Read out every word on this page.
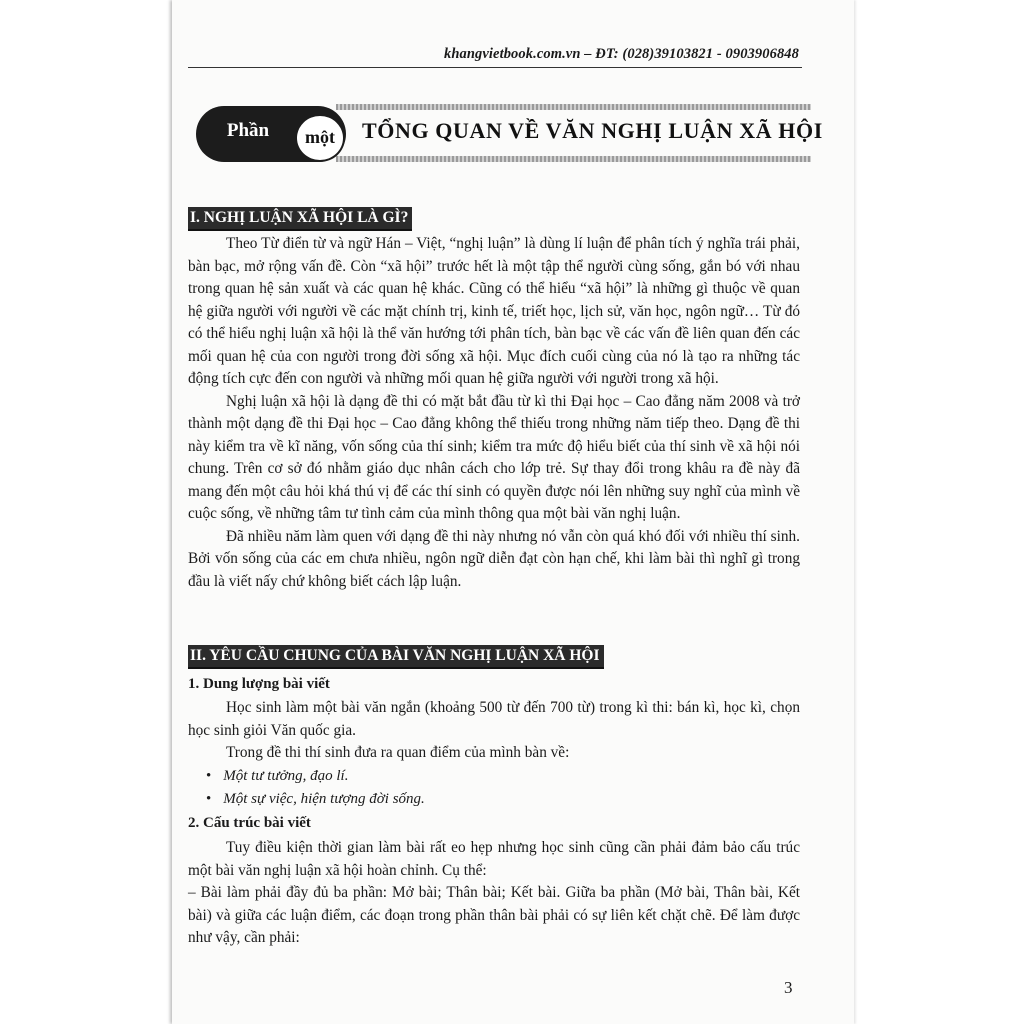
khangvietbook.com.vn – ĐT: (028)39103821 - 0903906848
Phần	một	TỔNG QUAN VỀ VĂN NGHỊ LUẬN XÃ HỘI
I. NGHỊ LUẬN XÃ HỘI LÀ GÌ?

Theo Từ điển từ và ngữ Hán – Việt, “nghị luận” là dùng lí luận để phân tích ý nghĩa trái phải, bàn bạc, mở rộng vấn đề. Còn “xã hội” trước hết là một tập thể người cùng sống, gắn bó với nhau trong quan hệ sản xuất và các quan hệ khác. Cũng có thể hiểu “xã hội” là những gì thuộc về quan hệ giữa người với người về các mặt chính trị, kinh tế, triết học, lịch sử, văn học, ngôn ngữ… Từ đó có thể hiểu nghị luận xã hội là thể văn hướng tới phân tích, bàn bạc về các vấn đề liên quan đến các mối quan hệ của con người trong đời sống xã hội. Mục đích cuối cùng của nó là tạo ra những tác động tích cực đến con người và những mối quan hệ giữa người với người trong xã hội.

Nghị luận xã hội là dạng đề thi có mặt bắt đầu từ kì thi Đại học – Cao đẳng năm 2008 và trở thành một dạng đề thi Đại học – Cao đẳng không thể thiếu trong những năm tiếp theo. Dạng đề thi này kiểm tra về kĩ năng, vốn sống của thí sinh; kiểm tra mức độ hiểu biết của thí sinh về xã hội nói chung. Trên cơ sở đó nhằm giáo dục nhân cách cho lớp trẻ. Sự thay đổi trong khâu ra đề này đã mang đến một câu hỏi khá thú vị để các thí sinh có quyền được nói lên những suy nghĩ của mình về cuộc sống, về những tâm tư tình cảm của mình thông qua một bài văn nghị luận.

Đã nhiều năm làm quen với dạng đề thi này nhưng nó vẫn còn quá khó đối với nhiều thí sinh. Bởi vốn sống của các em chưa nhiều, ngôn ngữ diễn đạt còn hạn chế, khi làm bài thì nghĩ gì trong đầu là viết nấy chứ không biết cách lập luận.

II. YÊU CẦU CHUNG CỦA BÀI VĂN NGHỊ LUẬN XÃ HỘI
1. Dung lượng bài viết

Học sinh làm một bài văn ngắn (khoảng 500 từ đến 700 từ) trong kì thi: bán kì, học kì, chọn học sinh giỏi Văn quốc gia.

Trong đề thi thí sinh đưa ra quan điểm của mình bàn về:

• Một tư tưởng, đạo lí.
• Một sự việc, hiện tượng đời sống.
2. Cấu trúc bài viết

Tuy điều kiện thời gian làm bài rất eo hẹp nhưng học sinh cũng cần phải đảm bảo cấu trúc một bài văn nghị luận xã hội hoàn chỉnh. Cụ thể:

– Bài làm phải đầy đủ ba phần: Mở bài; Thân bài; Kết bài. Giữa ba phần (Mở bài, Thân bài, Kết bài) và giữa các luận điểm, các đoạn trong phần thân bài phải có sự liên kết chặt chẽ. Để làm được như vậy, cần phải:

3
